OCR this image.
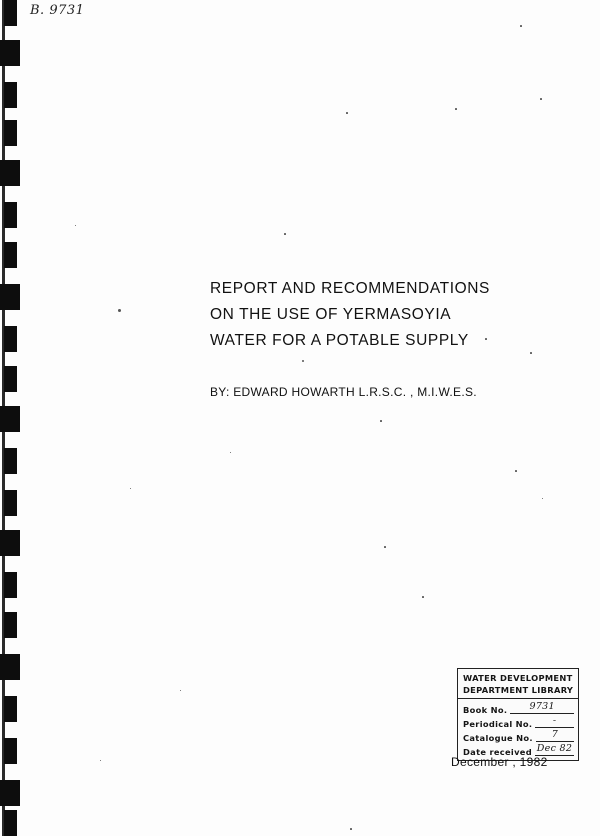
B. 9731
REPORT AND RECOMMENDATIONS
ON THE USE OF YERMASOYIA
WATER FOR A POTABLE SUPPLY
BY: EDWARD HOWARTH L.R.S.C. , M.I.W.E.S.
WATER DEVELOPMENT
DEPARTMENT LIBRARY
Book No.	9731
Periodical No.	-
Catalogue No.	7
Date received Dec 82
December , 1982
